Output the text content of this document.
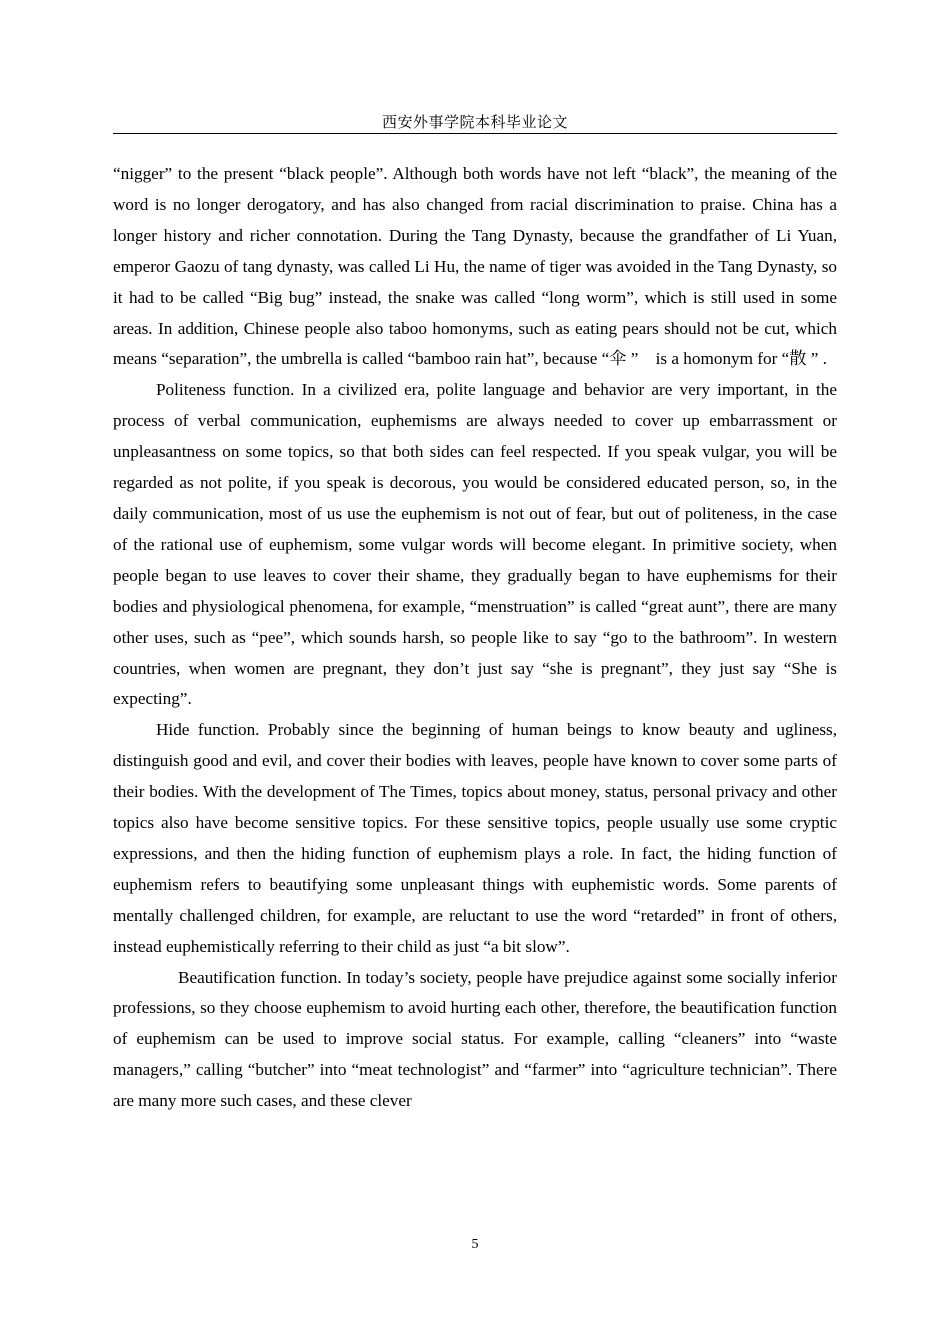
西安外事学院本科毕业论文

“nigger” to the present “black people”. Although both words have not left “black”, the meaning of the word is no longer derogatory, and has also changed from racial discrimination to praise. China has a longer history and richer connotation. During the Tang Dynasty, because the grandfather of Li Yuan, emperor Gaozu of tang dynasty, was called Li Hu, the name of tiger was avoided in the Tang Dynasty, so it had to be called “Big bug” instead, the snake was called “long worm”, which is still used in some areas. In addition, Chinese people also taboo homonyms, such as eating pears should not be cut, which means “separation”, the umbrella is called “bamboo rain hat”, because “伞 ”　is a homonym for “散 ” .

Politeness function. In a civilized era, polite language and behavior are very important, in the process of verbal communication, euphemisms are always needed to cover up embarrassment or unpleasantness on some topics, so that both sides can feel respected. If you speak vulgar, you will be regarded as not polite, if you speak is decorous, you would be considered educated person, so, in the daily communication, most of us use the euphemism is not out of fear, but out of politeness, in the case of the rational use of euphemism, some vulgar words will become elegant. In primitive society, when people began to use leaves to cover their shame, they gradually began to have euphemisms for their bodies and physiological phenomena, for example, “menstruation” is called “great aunt”, there are many other uses, such as “pee”, which sounds harsh, so people like to say “go to the bathroom”. In western countries, when women are pregnant, they don’t just say “she is pregnant”, they just say “She is expecting”.

Hide function. Probably since the beginning of human beings to know beauty and ugliness, distinguish good and evil, and cover their bodies with leaves, people have known to cover some parts of their bodies. With the development of The Times, topics about money, status, personal privacy and other topics also have become sensitive topics. For these sensitive topics, people usually use some cryptic expressions, and then the hiding function of euphemism plays a role. In fact, the hiding function of euphemism refers to beautifying some unpleasant things with euphemistic words. Some parents of mentally challenged children, for example, are reluctant to use the word “retarded” in front of others, instead euphemistically referring to their child as just “a bit slow”.

Beautification function. In today’s society, people have prejudice against some socially inferior professions, so they choose euphemism to avoid hurting each other, therefore, the beautification function of euphemism can be used to improve social status. For example, calling “cleaners” into “waste managers,” calling “butcher” into “meat technologist” and “farmer” into “agriculture technician”. There are many more such cases, and these clever

5
